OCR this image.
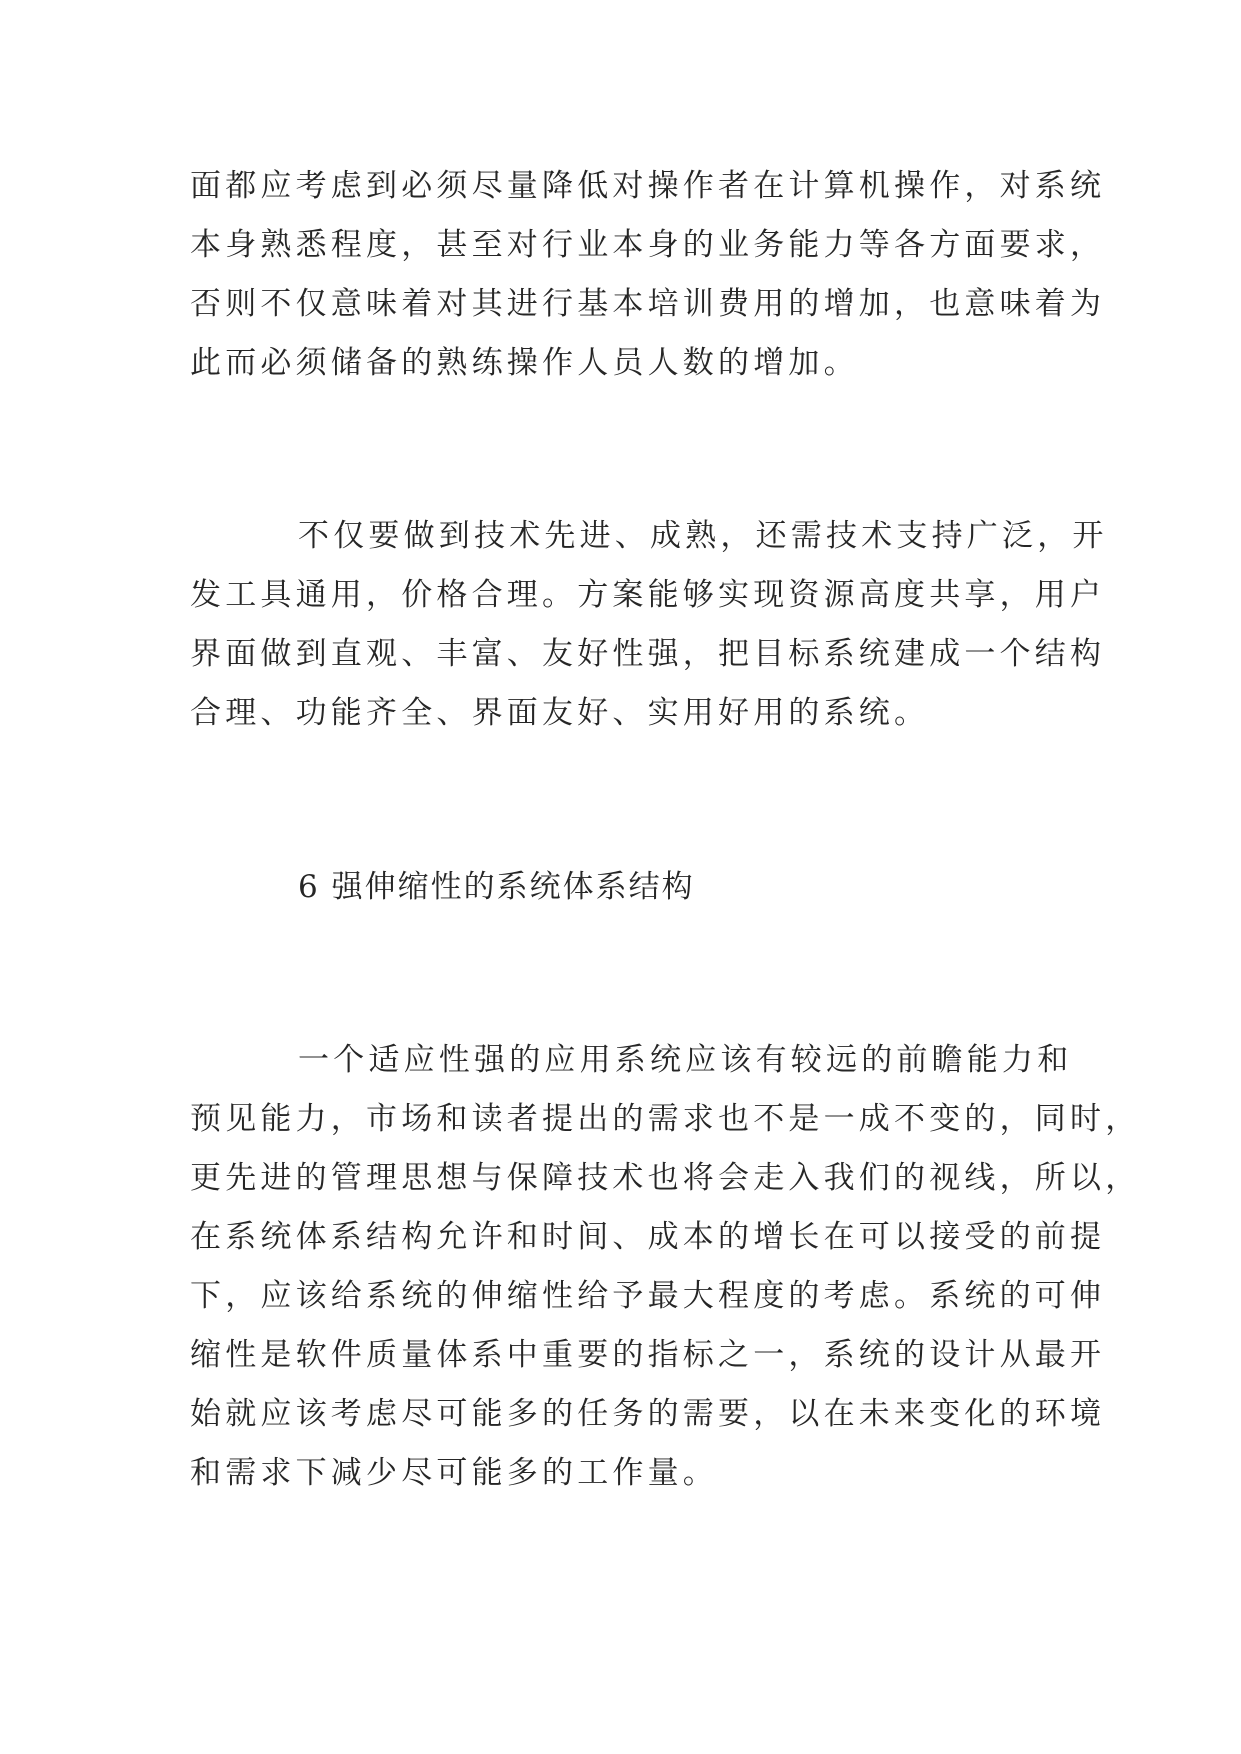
面都应考虑到必须尽量降低对操作者在计算机操作，对系统
本身熟悉程度，甚至对行业本身的业务能力等各方面要求，
否则不仅意味着对其进行基本培训费用的增加，也意味着为
此而必须储备的熟练操作人员人数的增加。
不仅要做到技术先进、成熟，还需技术支持广泛，开
发工具通用，价格合理。方案能够实现资源高度共享，用户
界面做到直观、丰富、友好性强，把目标系统建成一个结构
合理、功能齐全、界面友好、实用好用的系统。
6 强伸缩性的系统体系结构
一个适应性强的应用系统应该有较远的前瞻能力和
预见能力，市场和读者提出的需求也不是一成不变的，同时，
更先进的管理思想与保障技术也将会走入我们的视线，所以，
在系统体系结构允许和时间、成本的增长在可以接受的前提
下，应该给系统的伸缩性给予最大程度的考虑。系统的可伸
缩性是软件质量体系中重要的指标之一，系统的设计从最开
始就应该考虑尽可能多的任务的需要，以在未来变化的环境
和需求下减少尽可能多的工作量。
